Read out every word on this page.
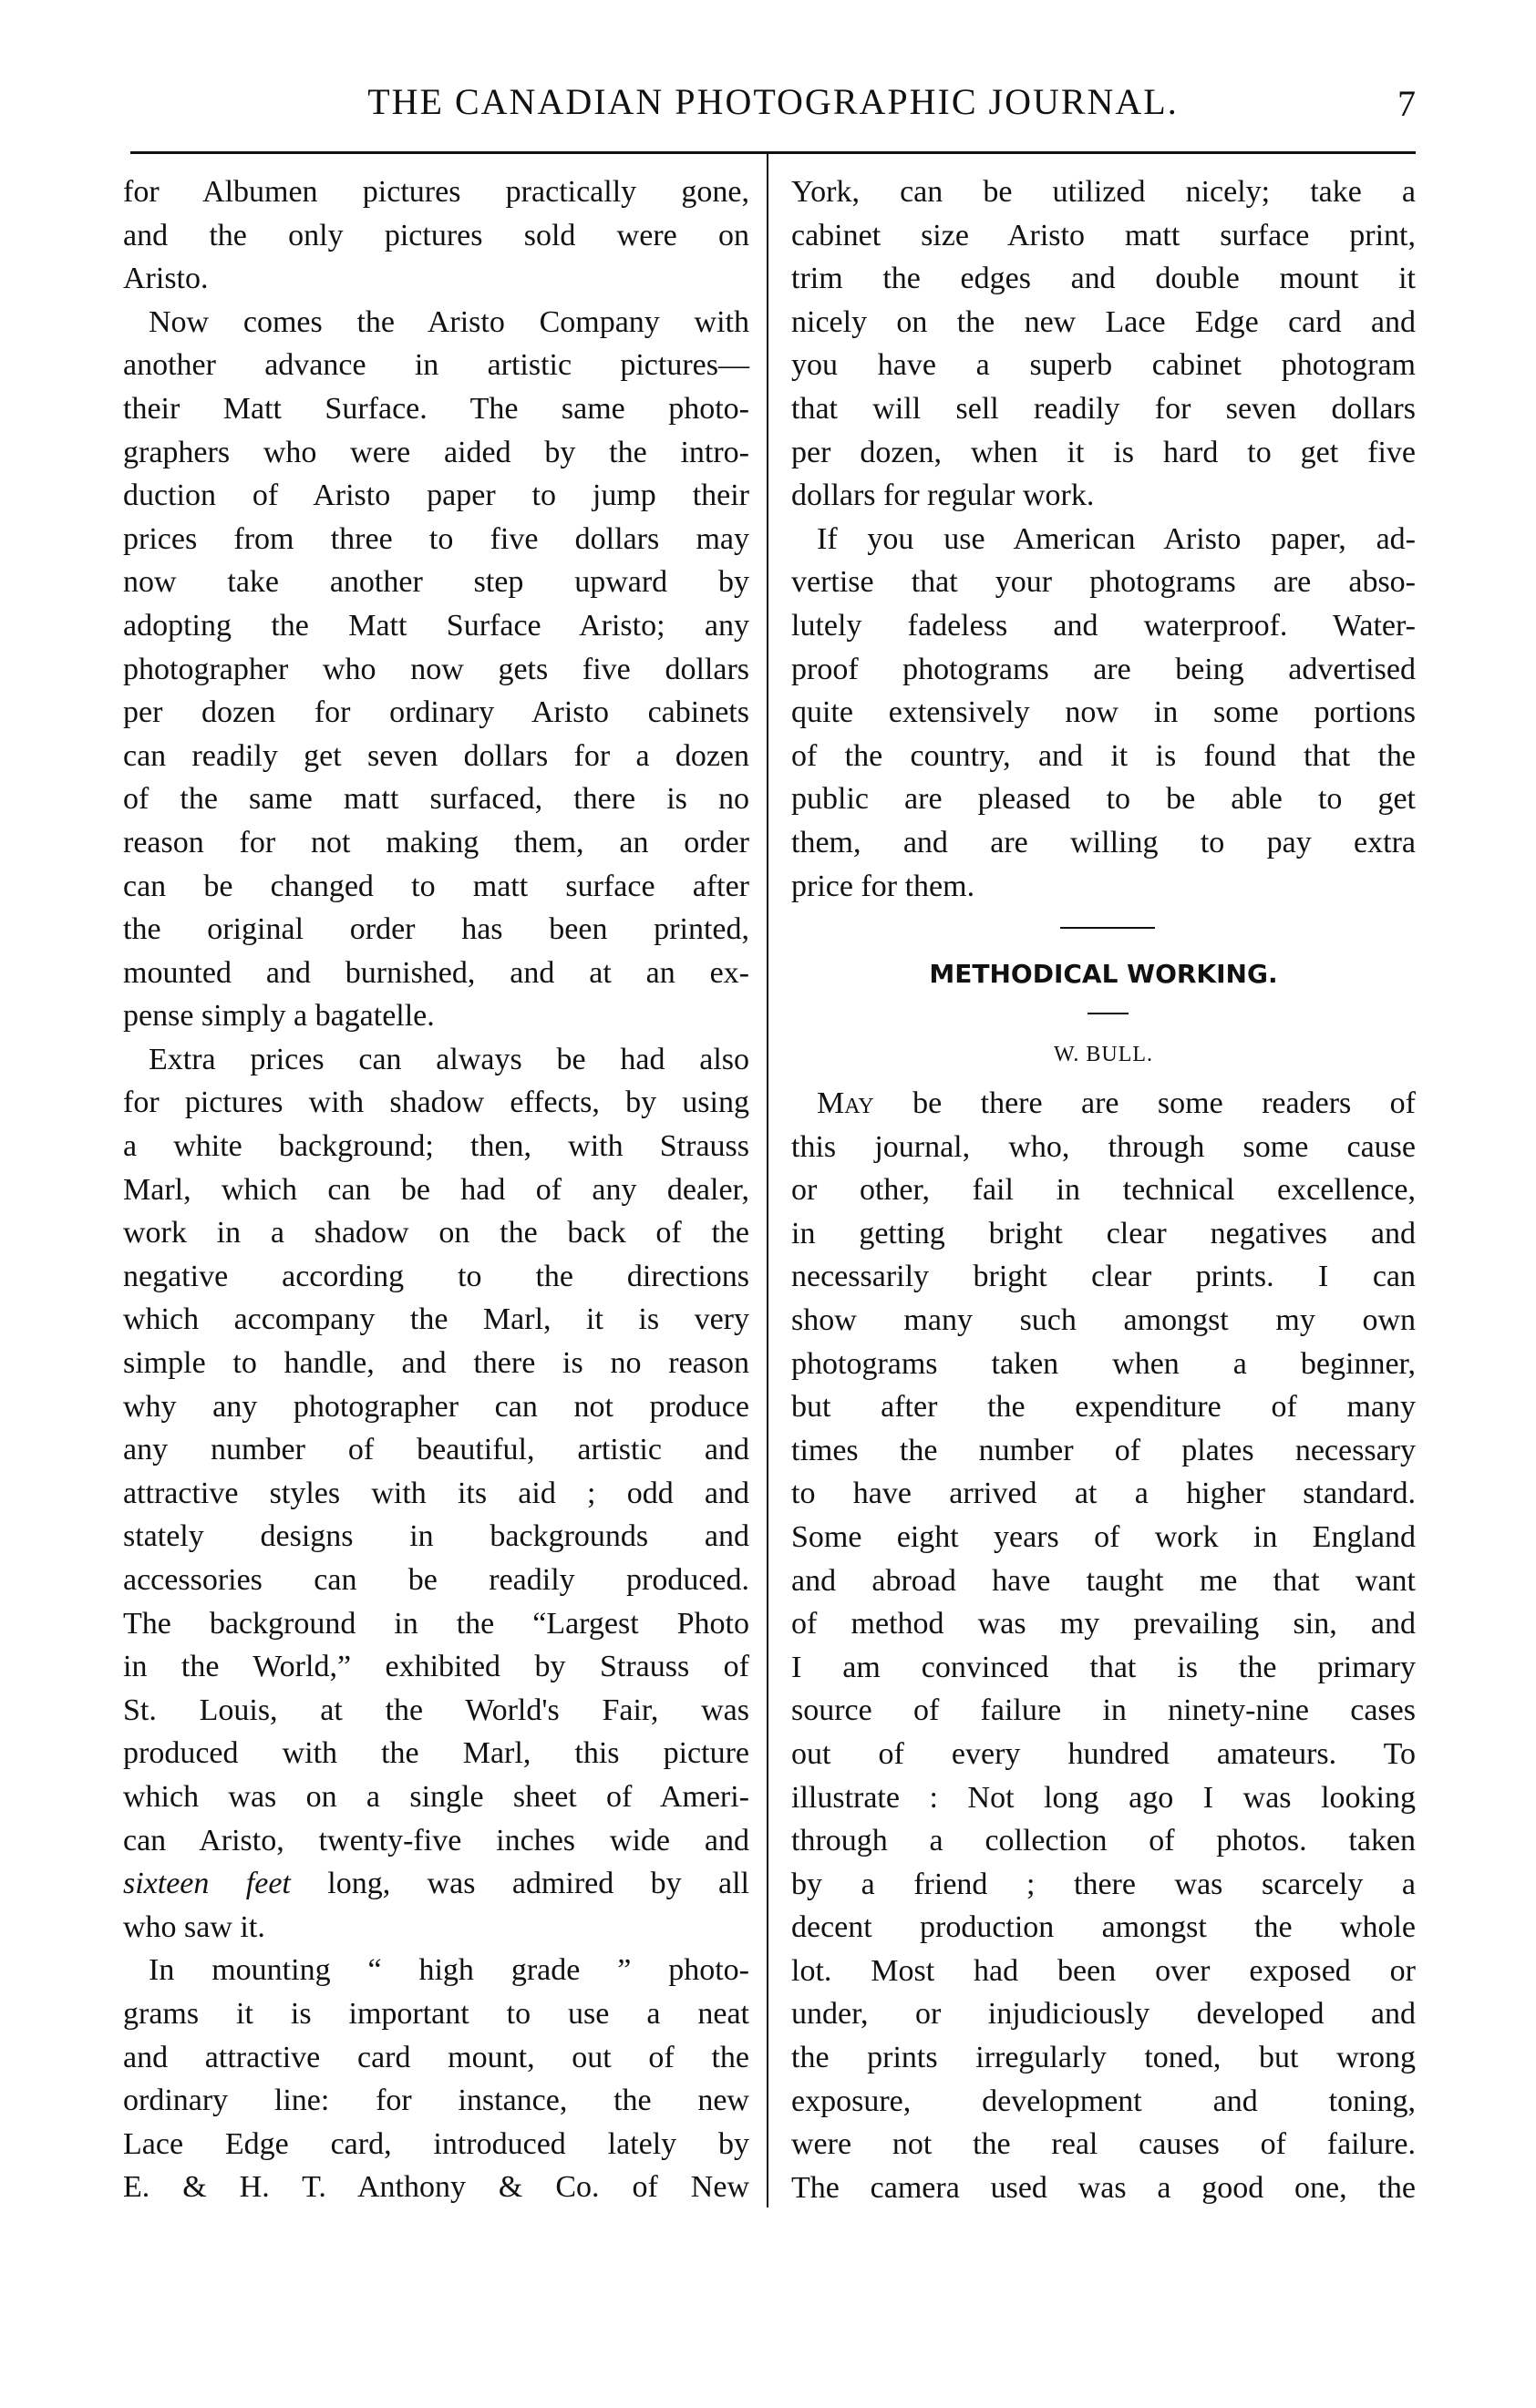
THE CANADIAN PHOTOGRAPHIC JOURNAL.	7
for Albumen pictures practically gone,
and the only pictures sold were on
Aristo.
Now comes the Aristo Company with
another advance in artistic pictures—
their Matt Surface. The same photo-
graphers who were aided by the intro-
duction of Aristo paper to jump their
prices from three to five dollars may
now take another step upward by
adopting the Matt Surface Aristo; any
photographer who now gets five dollars
per dozen for ordinary Aristo cabinets
can readily get seven dollars for a dozen
of the same matt surfaced, there is no
reason for not making them, an order
can be changed to matt surface after
the original order has been printed,
mounted and burnished, and at an ex-
pense simply a bagatelle.
Extra prices can always be had also
for pictures with shadow effects, by using
a white background; then, with Strauss
Marl, which can be had of any dealer,
work in a shadow on the back of the
negative according to the directions
which accompany the Marl, it is very
simple to handle, and there is no reason
why any photographer can not produce
any number of beautiful, artistic and
attractive styles with its aid ; odd and
stately designs in backgrounds and
accessories can be readily produced.
The background in the “Largest Photo
in the World,” exhibited by Strauss of
St. Louis, at the World's Fair, was
produced with the Marl, this picture
which was on a single sheet of Ameri-
can Aristo, twenty-five inches wide and
sixteen feet long, was admired by all
who saw it.
In mounting “ high grade ” photo-
grams it is important to use a neat
and attractive card mount, out of the
ordinary line: for instance, the new
Lace Edge card, introduced lately by
E. & H. T. Anthony & Co. of New
York, can be utilized nicely; take a
cabinet size Aristo matt surface print,
trim the edges and double mount it
nicely on the new Lace Edge card and
you have a superb cabinet photogram
that will sell readily for seven dollars
per dozen, when it is hard to get five
dollars for regular work.
If you use American Aristo paper, ad-
vertise that your photograms are abso-
lutely fadeless and waterproof. Water-
proof photograms are being advertised
quite extensively now in some portions
of the country, and it is found that the
public are pleased to be able to get
them, and are willing to pay extra
price for them.
METHODICAL WORKING.
W. BULL.
May be there are some readers of
this journal, who, through some cause
or other, fail in technical excellence,
in getting bright clear negatives and
necessarily bright clear prints. I can
show many such amongst my own
photograms taken when a beginner,
but after the expenditure of many
times the number of plates necessary
to have arrived at a higher standard.
Some eight years of work in England
and abroad have taught me that want
of method was my prevailing sin, and
I am convinced that is the primary
source of failure in ninety-nine cases
out of every hundred amateurs. To
illustrate : Not long ago I was looking
through a collection of photos. taken
by a friend ; there was scarcely a
decent production amongst the whole
lot. Most had been over exposed or
under, or injudiciously developed and
the prints irregularly toned, but wrong
exposure, development and toning,
were not the real causes of failure.
The camera used was a good one, the
